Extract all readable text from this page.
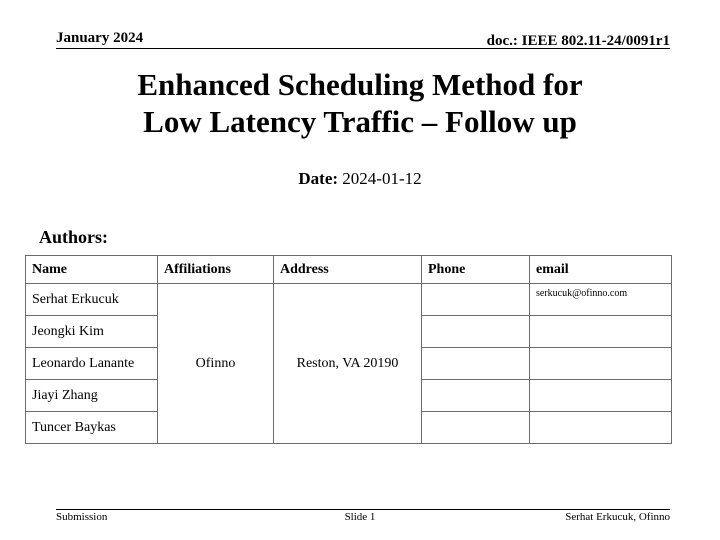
January 2024	doc.: IEEE 802.11-24/0091r1
Enhanced Scheduling Method for
Low Latency Traffic – Follow up
Date: 2024-01-12
Authors:
Name	Affiliations	Address	Phone	email
Serhat Erkucuk	Ofinno	Reston, VA 20190		serkucuk@ofinno.com
Jeongki Kim				
Leonardo Lanante				
Jiayi Zhang				
Tuncer Baykas				
Submission	Slide 1	Serhat Erkucuk, Ofinno
